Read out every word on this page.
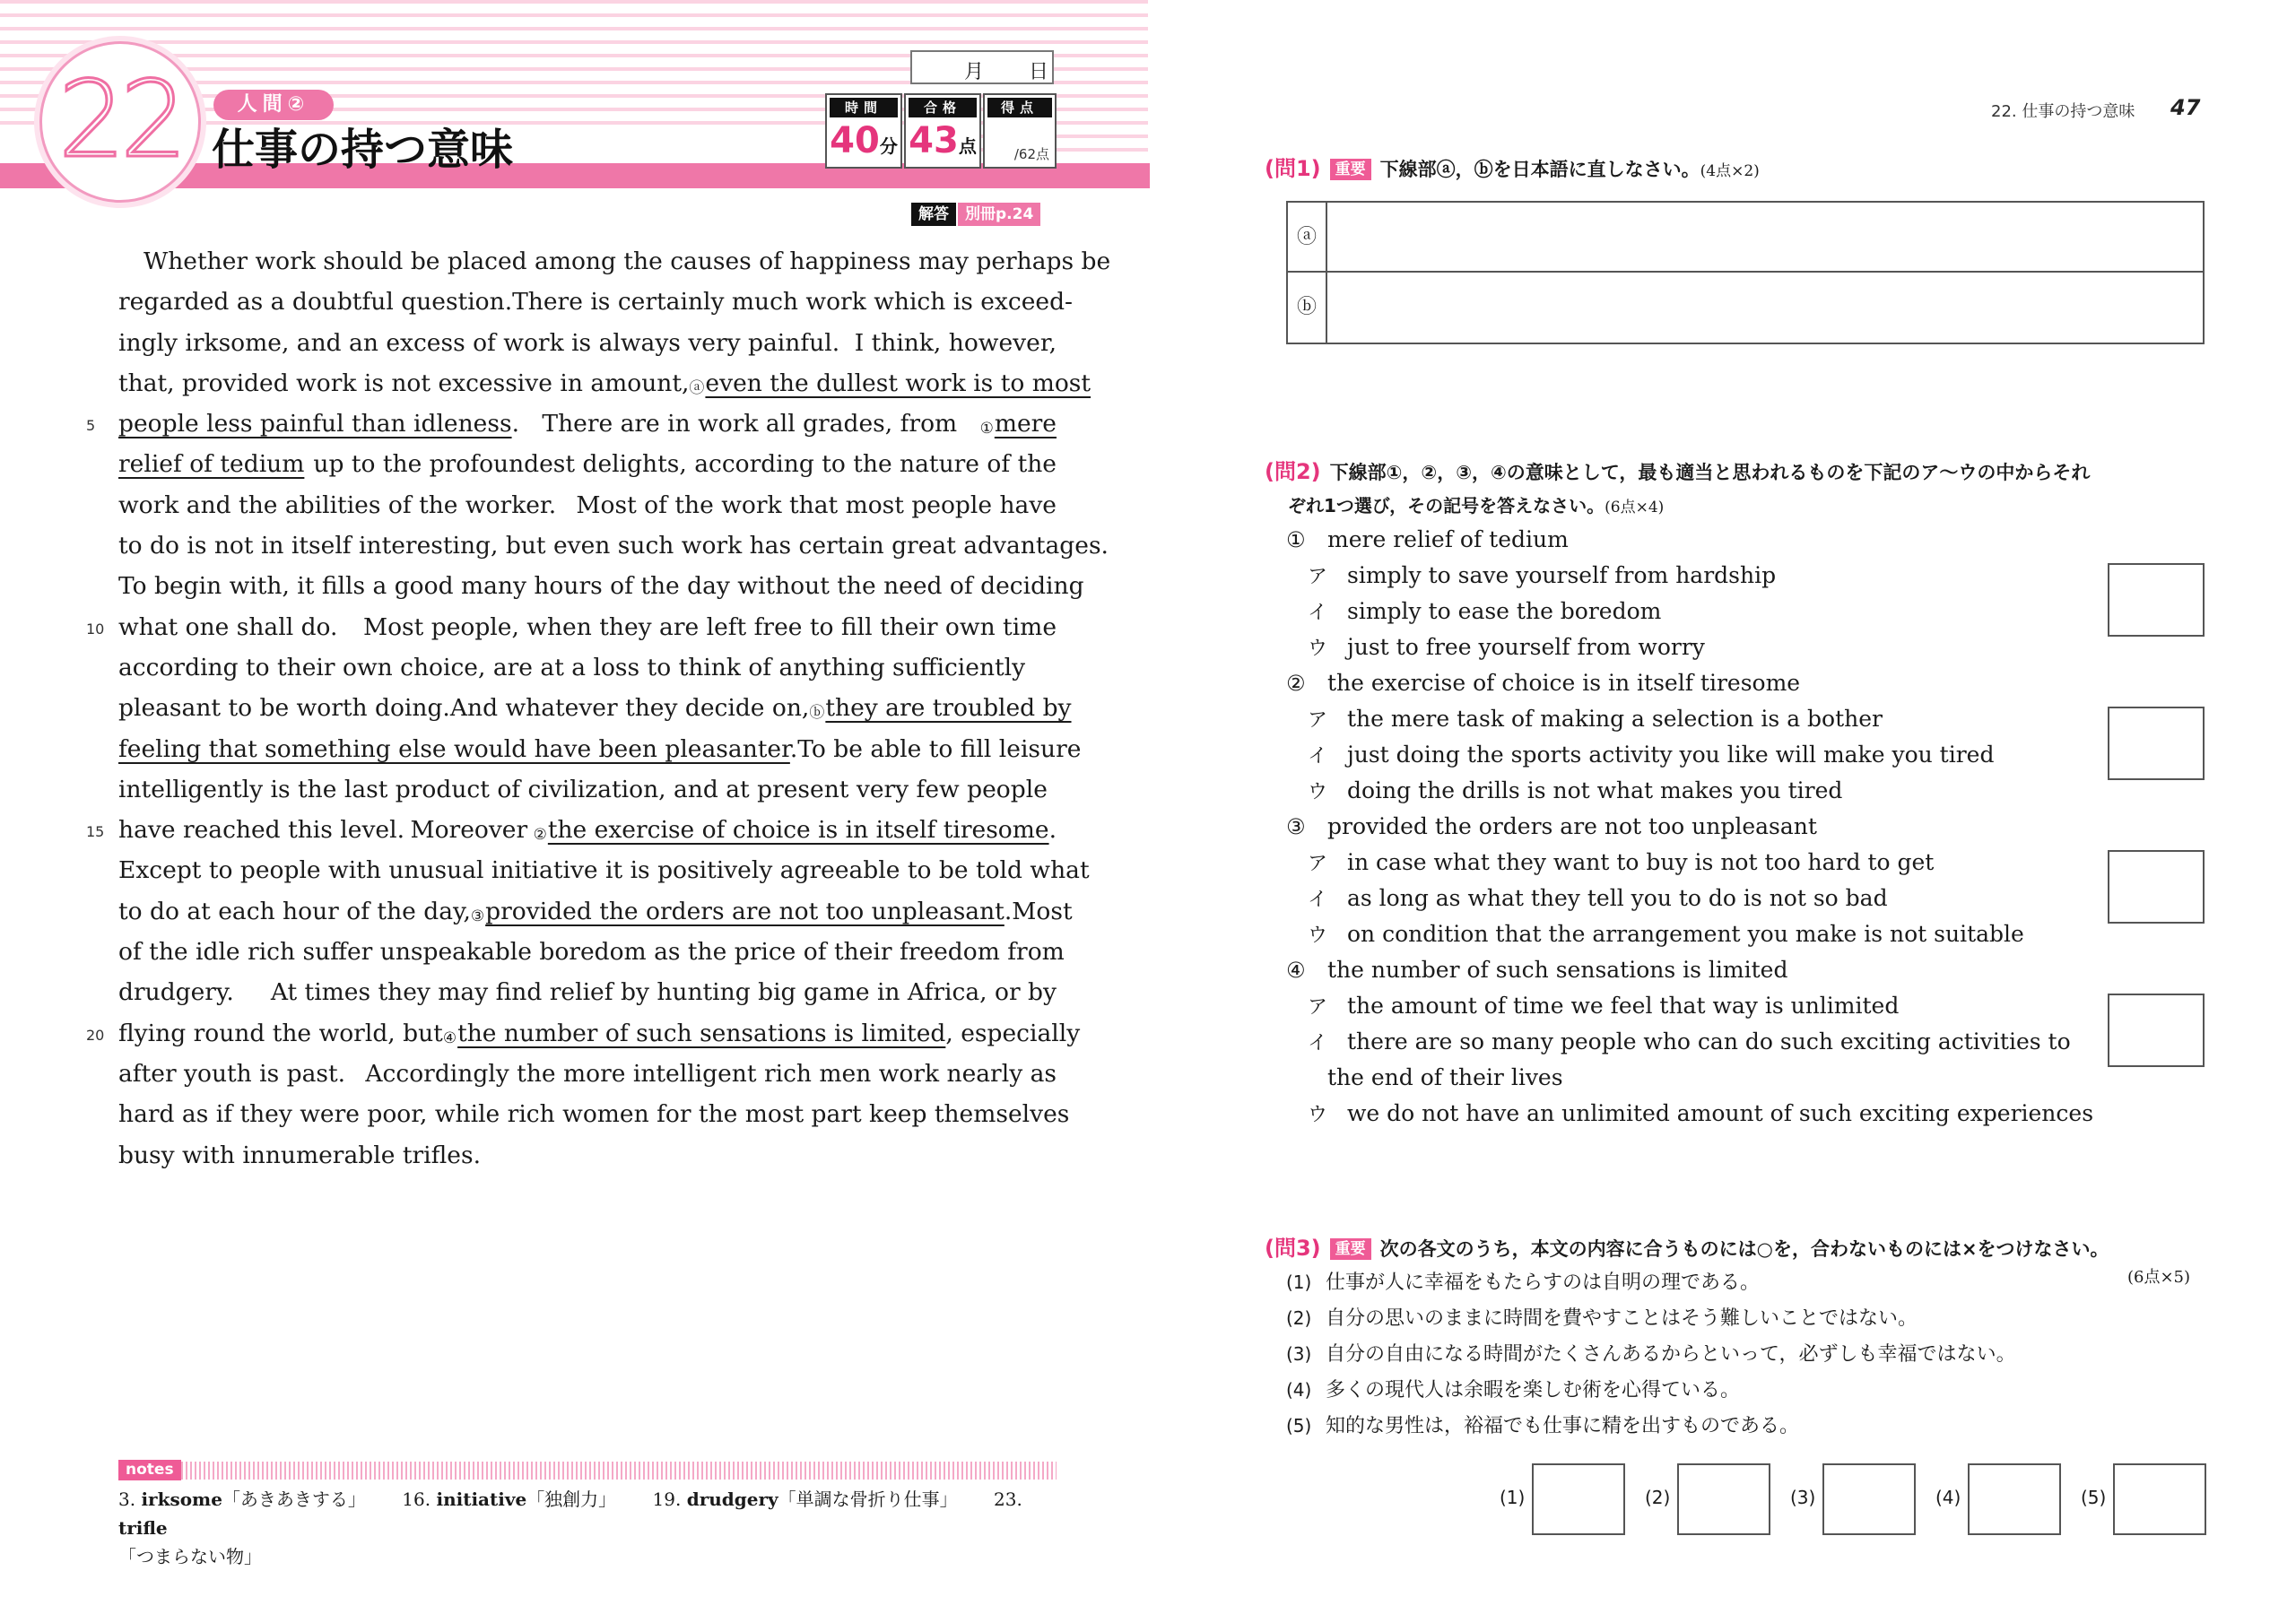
22	人間②
仕事の持つ意味
月 日
時間
40分
合格
43点
得点
/62点
解答 別冊p.24
Whether work should be placed among the causes of happiness may perhaps be
regarded as a doubtful question. There is certainly much work which is exceed-
ingly irksome, and an excess of work is always very painful. I think, however,
that, provided work is not excessive in amount, ⓐeven the dullest work is to most
5 people less painful than idleness. There are in work all grades, from ①mere
relief of tedium up to the profoundest delights, according to the nature of the
work and the abilities of the worker. Most of the work that most people have
to do is not in itself interesting, but even such work has certain great advantages.
To begin with, it fills a good many hours of the day without the need of deciding
10 what one shall do. Most people, when they are left free to fill their own time
according to their own choice, are at a loss to think of anything sufficiently
pleasant to be worth doing. And whatever they decide on, ⓑthey are troubled by
feeling that something else would have been pleasanter. To be able to fill leisure
intelligently is the last product of civilization, and at present very few people
15 have reached this level. Moreover ②the exercise of choice is in itself tiresome.
Except to people with unusual initiative it is positively agreeable to be told what
to do at each hour of the day, ③provided the orders are not too unpleasant. Most
of the idle rich suffer unspeakable boredom as the price of their freedom from
drudgery. At times they may find relief by hunting big game in Africa, or by
20 flying round the world, but ④the number of such sensations is limited, especially
after youth is past. Accordingly the more intelligent rich men work nearly as
hard as if they were poor, while rich women for the most part keep themselves
busy with innumerable trifles.
notes
3. irksome「あきあきする」 16. initiative「独創力」 19. drudgery「単調な骨折り仕事」 23. trifle
「つまらない物」
22. 仕事の持つ意味 47
(問1) 重要 下線部ⓐ，ⓑを日本語に直しなさい。(4点×2)
ⓐ
ⓑ
(問2) 下線部①，②，③，④の意味として，最も適当と思われるものを下記のア〜ウの中からそれ
ぞれ1つ選び，その記号を答えなさい。(6点×4)
① mere relief of tedium
ア simply to save yourself from hardship
イ simply to ease the boredom
ウ just to free yourself from worry
② the exercise of choice is in itself tiresome
ア the mere task of making a selection is a bother
イ just doing the sports activity you like will make you tired
ウ doing the drills is not what makes you tired
③ provided the orders are not too unpleasant
ア in case what they want to buy is not too hard to get
イ as long as what they tell you to do is not so bad
ウ on condition that the arrangement you make is not suitable
④ the number of such sensations is limited
ア the amount of time we feel that way is unlimited
イ there are so many people who can do such exciting activities to
the end of their lives
ウ we do not have an unlimited amount of such exciting experiences
(問3) 重要 次の各文のうち，本文の内容に合うものには○を，合わないものには×をつけなさい。
(6点×5)
(1) 仕事が人に幸福をもたらすのは自明の理である。
(2) 自分の思いのままに時間を費やすことはそう難しいことではない。
(3) 自分の自由になる時間がたくさんあるからといって，必ずしも幸福ではない。
(4) 多くの現代人は余暇を楽しむ術を心得ている。
(5) 知的な男性は，裕福でも仕事に精を出すものである。
(1)	(2)	(3)	(4)	(5)
